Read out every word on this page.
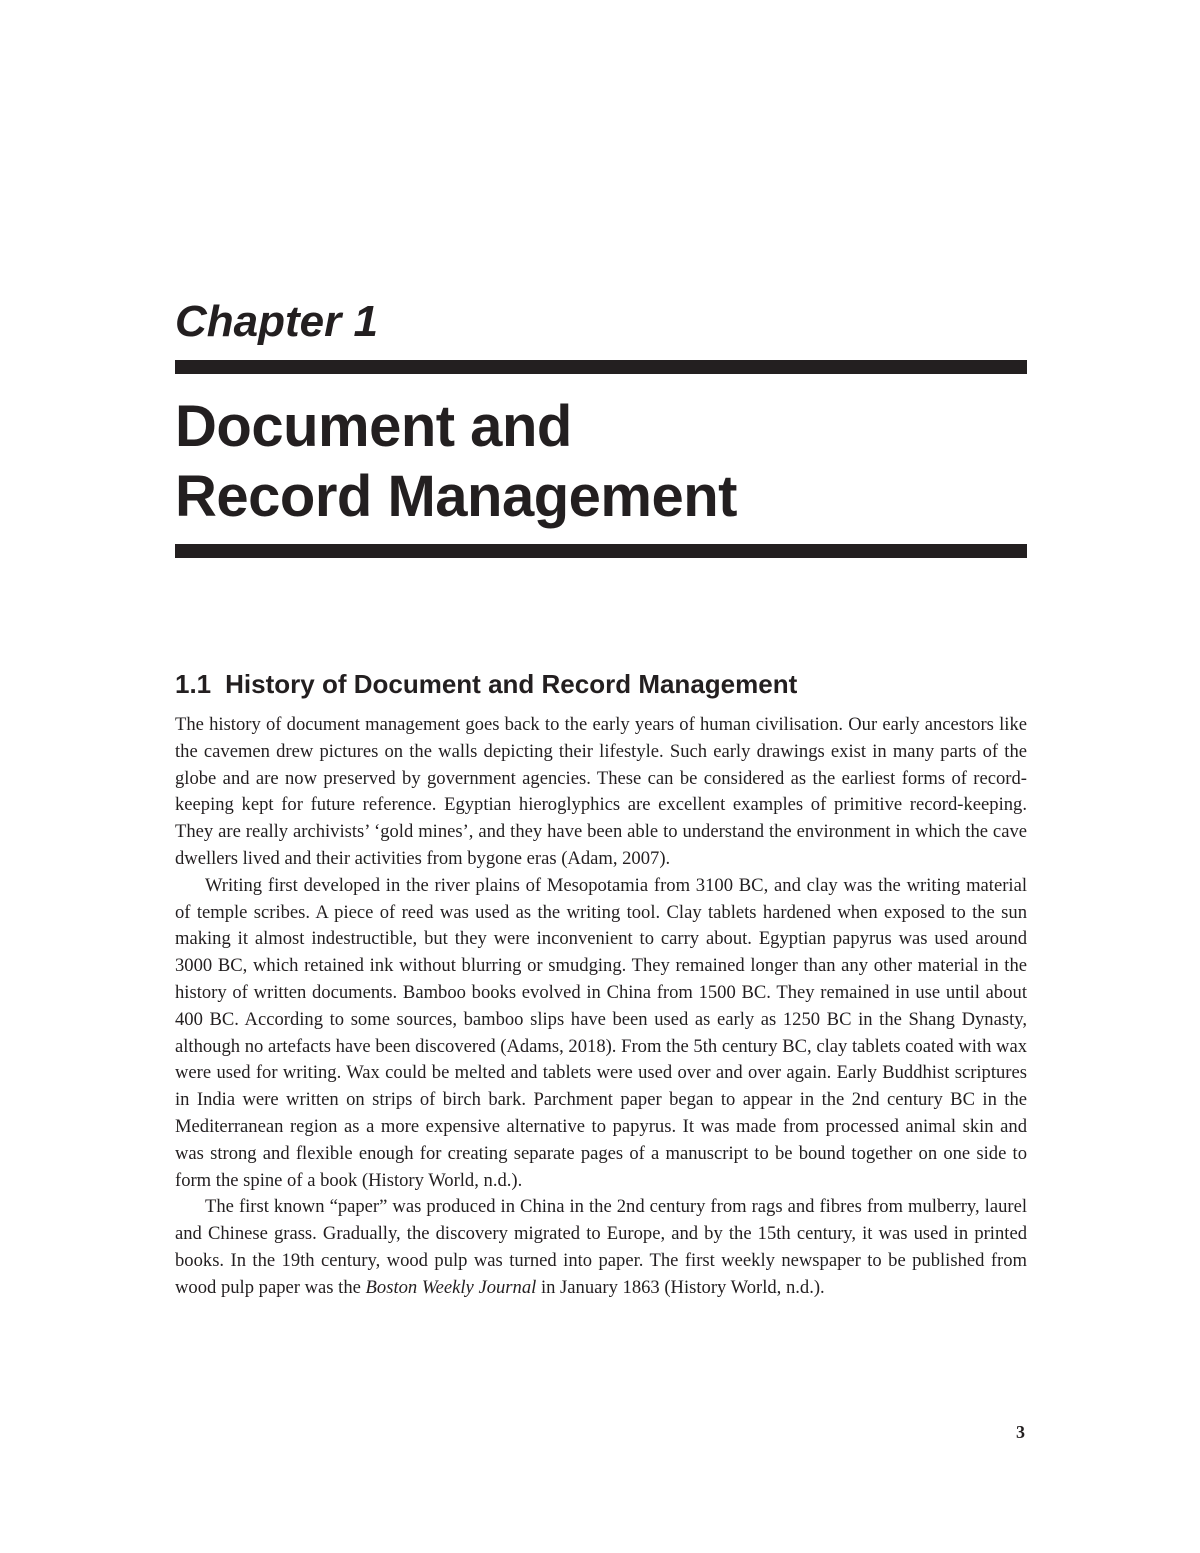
Chapter 1
Document and
Record Management
1.1 History of Document and Record Management

The history of document management goes back to the early years of human civilisation. Our early ancestors like the cavemen drew pictures on the walls depicting their lifestyle. Such early drawings exist in many parts of the globe and are now preserved by government agencies. These can be considered as the earliest forms of record-keeping kept for future reference. Egyptian hieroglyphics are excellent examples of primitive record-keeping. They are really archivists’ ‘gold mines’, and they have been able to understand the environment in which the cave dwellers lived and their activities from bygone eras (Adam, 2007).

Writing first developed in the river plains of Mesopotamia from 3100 BC, and clay was the writing material of temple scribes. A piece of reed was used as the writing tool. Clay tablets hardened when exposed to the sun making it almost indestructible, but they were inconvenient to carry about. Egyptian papyrus was used around 3000 BC, which retained ink without blurring or smudging. They remained longer than any other material in the history of written documents. Bamboo books evolved in China from 1500 BC. They remained in use until about 400 BC. According to some sources, bamboo slips have been used as early as 1250 BC in the Shang Dynasty, although no artefacts have been discovered (Adams, 2018). From the 5th century BC, clay tablets coated with wax were used for writing. Wax could be melted and tablets were used over and over again. Early Buddhist scriptures in India were written on strips of birch bark. Parchment paper began to appear in the 2nd century BC in the Mediterranean region as a more expensive alternative to papyrus. It was made from processed animal skin and was strong and flexible enough for creating separate pages of a manuscript to be bound together on one side to form the spine of a book (History World, n.d.).

The first known “paper” was produced in China in the 2nd century from rags and fibres from mulberry, laurel and Chinese grass. Gradually, the discovery migrated to Europe, and by the 15th century, it was used in printed books. In the 19th century, wood pulp was turned into paper. The first weekly newspaper to be published from wood pulp paper was the Boston Weekly Journal in January 1863 (History World, n.d.).

3
